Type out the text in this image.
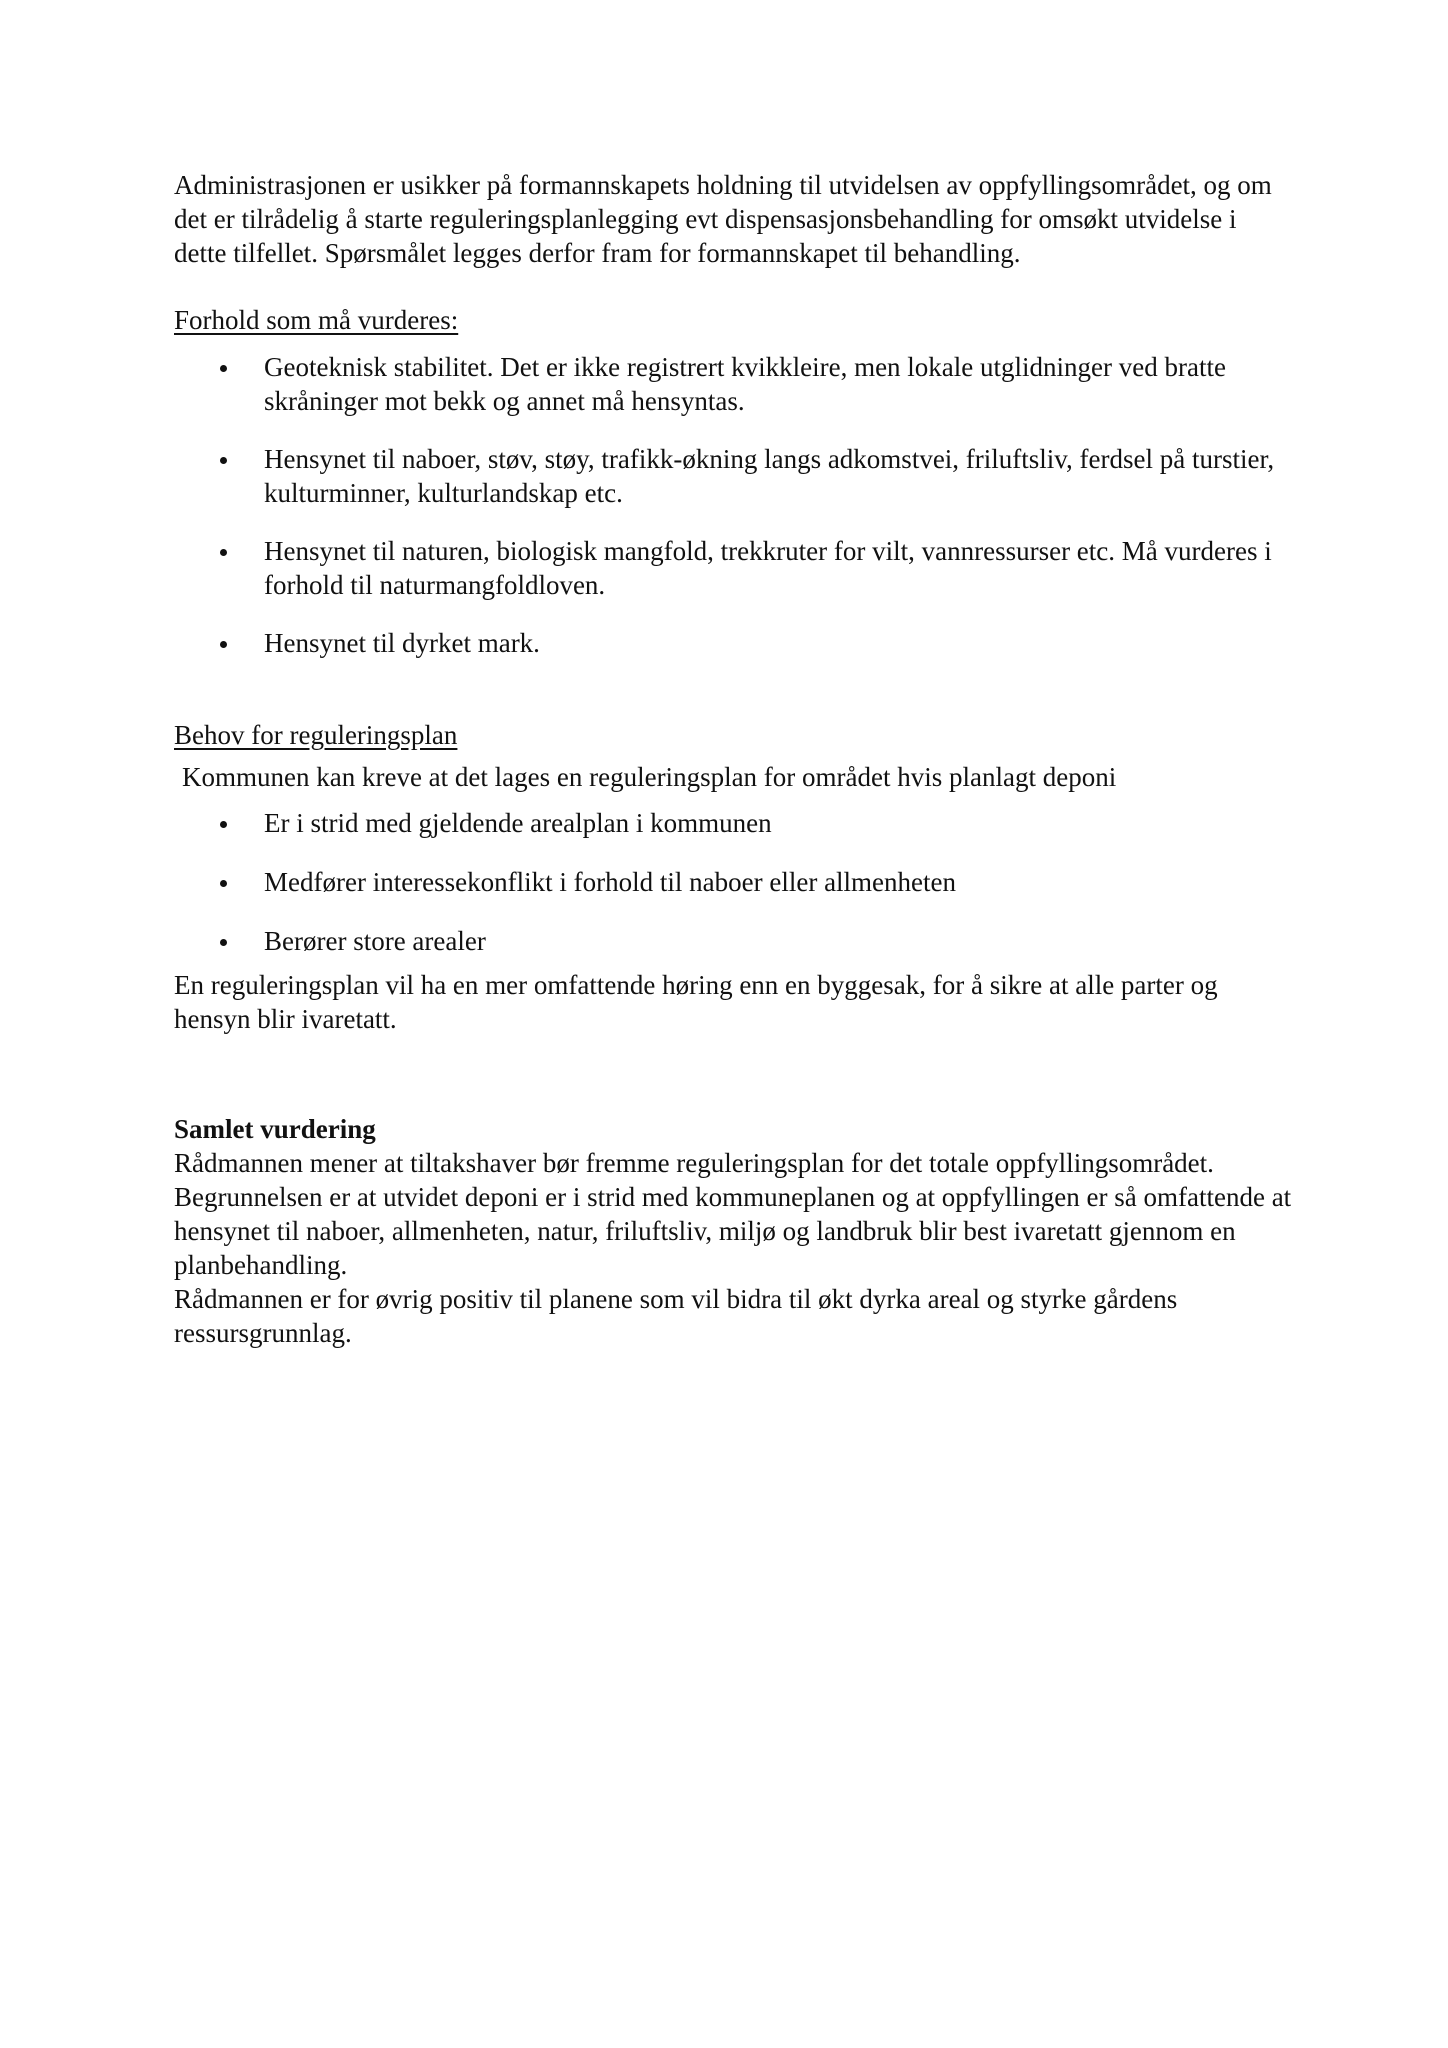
Administrasjonen er usikker på formannskapets holdning til utvidelsen av oppfyllingsområdet, og om det er tilrådelig å starte reguleringsplanlegging evt dispensasjonsbehandling for omsøkt utvidelse i dette tilfellet. Spørsmålet legges derfor fram for formannskapet til behandling.

Forhold som må vurderes:

Geoteknisk stabilitet. Det er ikke registrert kvikkleire, men lokale utglidninger ved bratte skråninger mot bekk og annet må hensyntas.
Hensynet til naboer, støv, støy, trafikk-økning langs adkomstvei, friluftsliv, ferdsel på turstier, kulturminner, kulturlandskap etc.
Hensynet til naturen, biologisk mangfold, trekkruter for vilt, vannressurser etc. Må vurderes i forhold til naturmangfoldloven.
Hensynet til dyrket mark.

Behov for reguleringsplan

Kommunen kan kreve at det lages en reguleringsplan for området hvis planlagt deponi

Er i strid med gjeldende arealplan i kommunen
Medfører interessekonflikt i forhold til naboer eller allmenheten
Berører store arealer

En reguleringsplan vil ha en mer omfattende høring enn en byggesak, for å sikre at alle parter og hensyn blir ivaretatt.

Samlet vurdering

Rådmannen mener at tiltakshaver bør fremme reguleringsplan for det totale oppfyllingsområdet. Begrunnelsen er at utvidet deponi er i strid med kommuneplanen og at oppfyllingen er så omfattende at hensynet til naboer, allmenheten, natur, friluftsliv, miljø og landbruk blir best ivaretatt gjennom en planbehandling.

Rådmannen er for øvrig positiv til planene som vil bidra til økt dyrka areal og styrke gårdens ressursgrunnlag.
